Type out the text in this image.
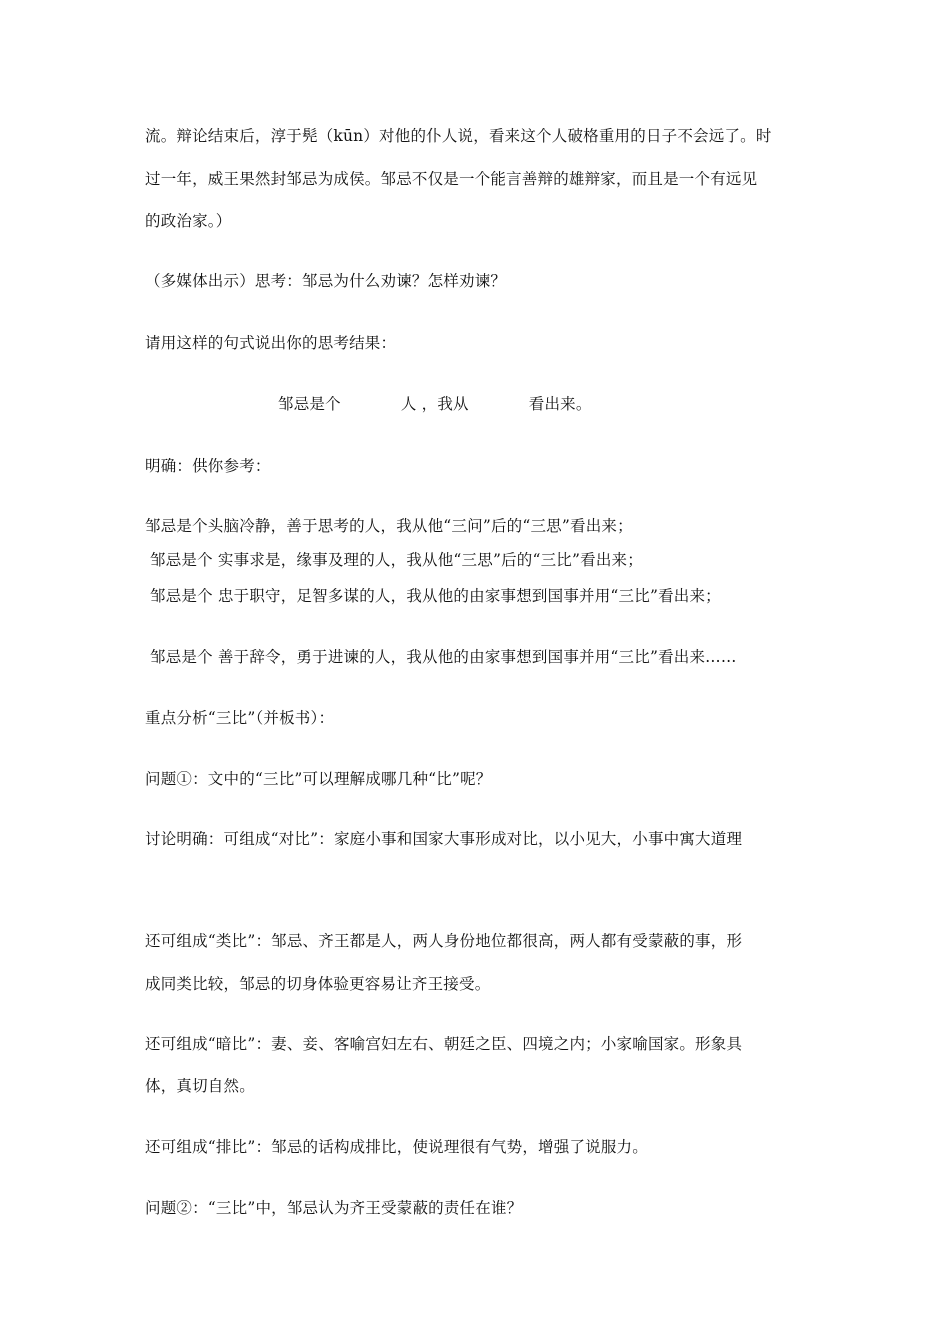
流。辩论结束后，淳于髡（kūn）对他的仆人说，看来这个人破格重用的日子不会远了。时
过一年，威王果然封邹忌为成侯。邹忌不仅是一个能言善辩的雄辩家，而且是一个有远见
的政治家。）
（多媒体出示）思考：邹忌为什么劝谏？怎样劝谏？
请用这样的句式说出你的思考结果：
邹忌是个	人 ，我从	看出来。
明确：供你参考：
邹忌是个头脑冷静，善于思考的人，我从他“三问”后的“三思”看出来；
邹忌是个 实事求是，缘事及理的人，我从他“三思”后的“三比”看出来；
邹忌是个 忠于职守，足智多谋的人，我从他的由家事想到国事并用“三比”看出来；
邹忌是个 善于辞令，勇于进谏的人，我从他的由家事想到国事并用“三比”看出来……
重点分析“三比”（并板书）：
问题①：文中的“三比”可以理解成哪几种“比”呢？
讨论明确：可组成“对比”：家庭小事和国家大事形成对比，以小见大，小事中寓大道理
还可组成“类比”：邹忌、齐王都是人，两人身份地位都很高，两人都有受蒙蔽的事，形
成同类比较，邹忌的切身体验更容易让齐王接受。
还可组成“暗比”：妻、妾、客喻宫妇左右、朝廷之臣、四境之内；小家喻国家。形象具
体，真切自然。
还可组成“排比”：邹忌的话构成排比，使说理很有气势，增强了说服力。
问题②：“三比”中，邹忌认为齐王受蒙蔽的责任在谁？
